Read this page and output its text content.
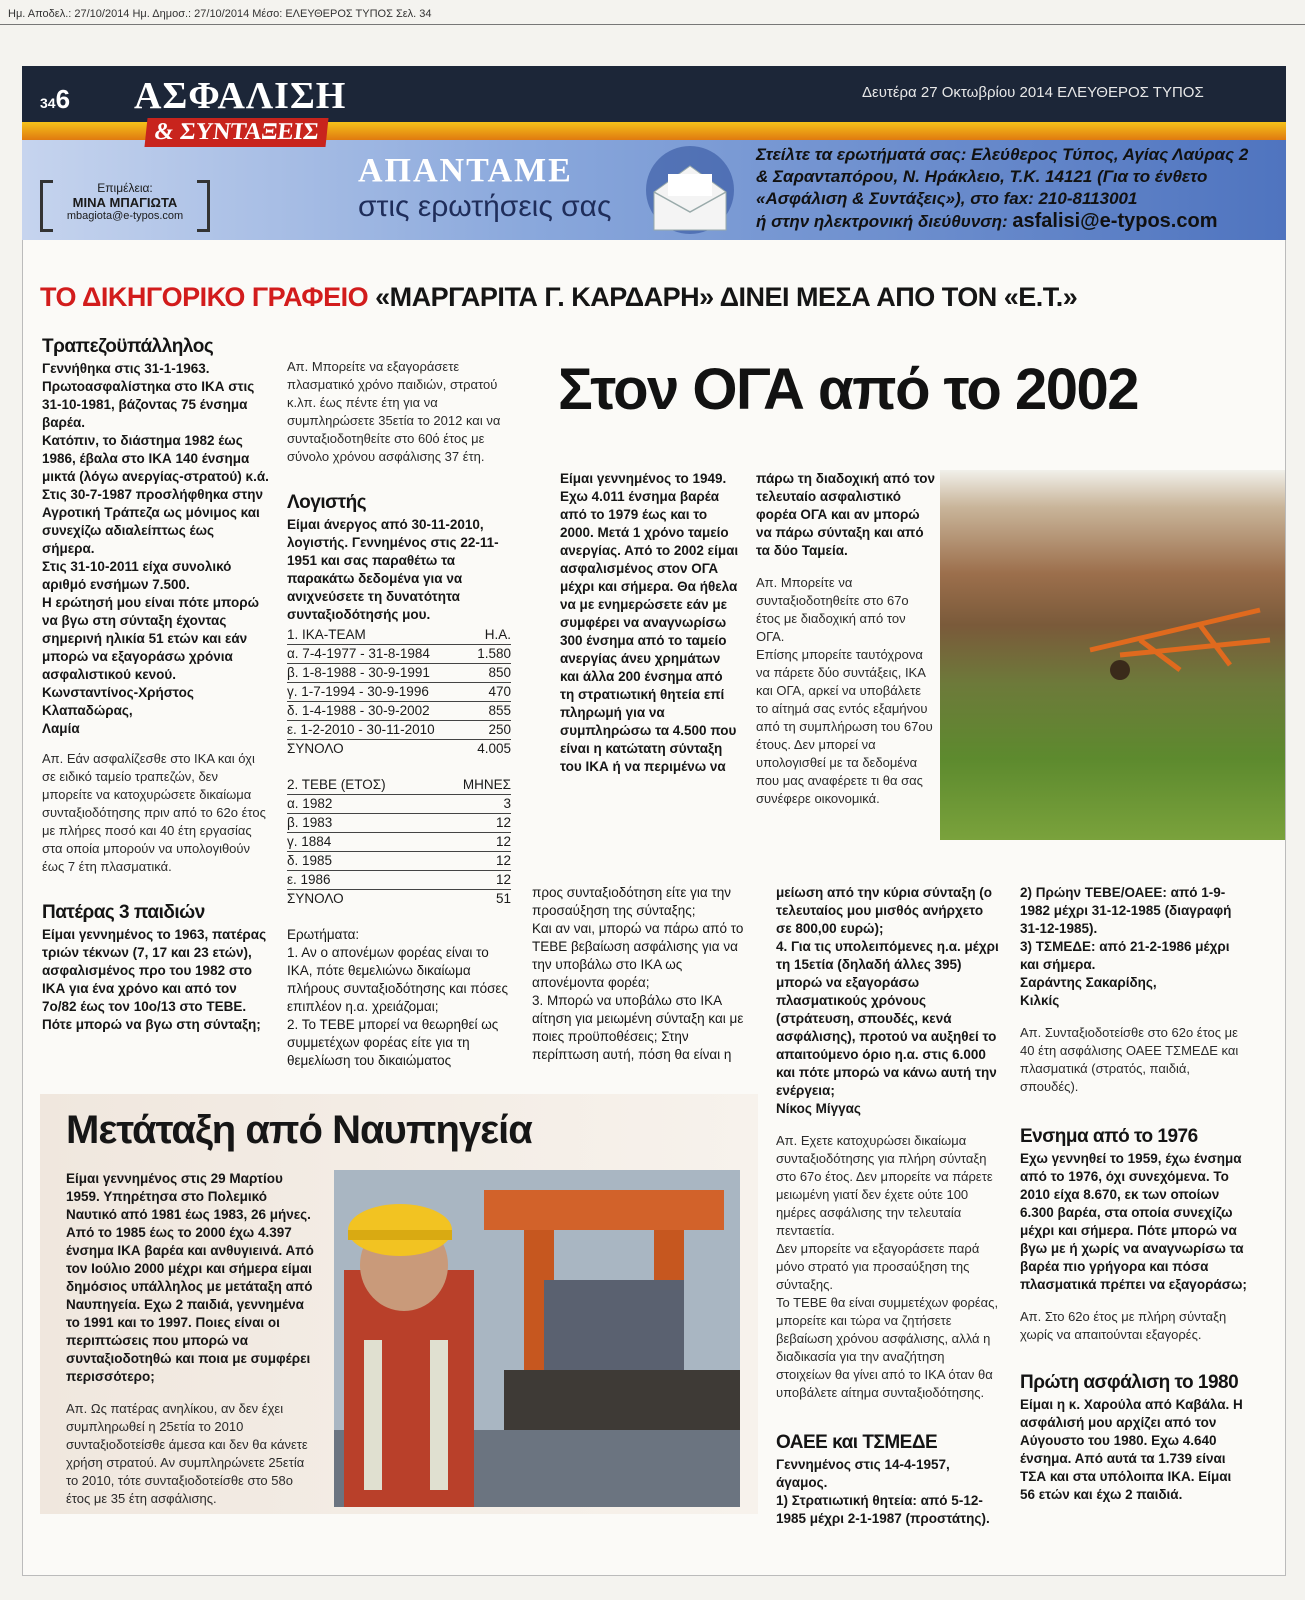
Ημ. Αποδελ.: 27/10/2014 Ημ. Δημοσ.: 27/10/2014 Μέσο: ΕΛΕΥΘΕΡΟΣ ΤΥΠΟΣ Σελ. 34
346 ΑΣΦΑΛΙΣΗ
& ΣΥΝΤΑΞΕΙΣ
Δευτέρα 27 Οκτωβρίου 2014 ΕΛΕΥΘΕΡΟΣ ΤΥΠΟΣ
Επιμέλεια:
ΜΙΝΑ ΜΠΑΓΙΩΤΑ
mbagiota@e-typos.com
ΑΠΑΝΤΑΜΕ
στις ερωτήσεις σας
Στείλτε τα ερωτήματά σας: Ελεύθερος Τύπος, Αγίας Λαύρας 2
& Σαραντaπόρου, Ν. Ηράκλειο, Τ.Κ. 14121 (Για το ένθετο
«Ασφάλιση & Συντάξεις»), στο fax: 210-8113001
ή στην ηλεκτρονική διεύθυνση: asfalisi@e-typos.com
ΤΟ ΔΙΚΗΓΟΡΙΚΟ ΓΡΑΦΕΙΟ «ΜΑΡΓΑΡΙΤΑ Γ. ΚΑΡΔΑΡΗ» ΔΙΝΕΙ ΜΕΣΑ ΑΠΟ ΤΟΝ «Ε.Τ.»
Τραπεζοϋπάλληλος
Γεννήθηκα στις 31-1-1963. Πρωτοασφαλίστηκα στο ΙΚΑ στις 31-10-1981, βάζοντας 75 ένσημα βαρέα.
Κατόπιν, το διάστημα 1982 έως 1986, έβαλα στο ΙΚΑ 140 ένσημα μικτά (λόγω ανεργίας-στρατού) κ.ά.
Στις 30-7-1987 προσλήφθηκα στην Αγροτική Τράπεζα ως μόνιμος και συνεχίζω αδιαλείπτως έως σήμερα.
Στις 31-10-2011 είχα συνολικό αριθμό ενσήμων 7.500.
Η ερώτησή μου είναι πότε μπορώ να βγω στη σύνταξη έχοντας σημερινή ηλικία 51 ετών και εάν μπορώ να εξαγοράσω χρόνια ασφαλιστικού κενού.
Κωνσταντίνος-Χρήστος Κλαπαδώρας,
Λαμία
Απ. Εάν ασφαλίζεσθε στο ΙΚΑ και όχι σε ειδικό ταμείο τραπεζών, δεν μπορείτε να κατοχυρώσετε δικαίωμα συνταξιοδότησης πριν από το 62ο έτος με πλήρες ποσό και 40 έτη εργασίας στα οποία μπορούν να υπολογιθούν έως 7 έτη πλασματικά.
Πατέρας 3 παιδιών
Είμαι γεννημένος το 1963, πατέρας τριών τέκνων (7, 17 και 23 ετών), ασφαλισμένος προ του 1982 στο ΙΚΑ για ένα χρόνο και από τον 7ο/82 έως τον 10ο/13 στο ΤΕΒΕ. Πότε μπορώ να βγω στη σύνταξη;
Απ. Μπορείτε να εξαγοράσετε πλασματικό χρόνο παιδιών, στρατού κ.λπ. έως πέντε έτη για να συμπληρώσετε 35ετία το 2012 και να συνταξιοδοτηθείτε στο 60ό έτος με σύνολο χρόνου ασφάλισης 37 έτη.
Λογιστής
Είμαι άνεργος από 30-11-2010, λογιστής. Γεννημένος στις 22-11-1951 και σας παραθέτω τα παρακάτω δεδομένα για να ανιχνεύσετε τη δυνατότητα συνταξιοδότησής μου.
1. ΙΚΑ-TEAM	Η.Α.
α. 7-4-1977 - 31-8-1984	1.580
β. 1-8-1988 - 30-9-1991	850
γ. 1-7-1994 - 30-9-1996	470
δ. 1-4-1988 - 30-9-2002	855
ε. 1-2-2010 - 30-11-2010	250
ΣΥΝΟΛΟ	4.005
2. ΤΕΒΕ (ΕΤΟΣ)	ΜΗΝΕΣ
α. 1982	3
β. 1983	12
γ. 1884	12
δ. 1985	12
ε. 1986	12
ΣΥΝΟΛΟ	51
Ερωτήματα:
1. Αν ο απονέμων φορέας είναι το ΙΚΑ, πότε θεμελιώνω δικαίωμα πλήρους συνταξιοδότησης και πόσες επιπλέον η.α. χρειάζομαι;
2. Το ΤΕΒΕ μπορεί να θεωρηθεί ως συμμετέχων φορέας είτε για τη θεμελίωση του δικαιώματος
Στον ΟΓΑ από το 2002
Είμαι γεννημένος το 1949. Εχω 4.011 ένσημα βαρέα από το 1979 έως και το 2000. Μετά 1 χρόνο ταμείο ανεργίας. Από το 2002 είμαι ασφαλισμένος στον ΟΓΑ μέχρι και σήμερα. Θα ήθελα να με ενημερώσετε εάν με συμφέρει να αναγνωρίσω 300 ένσημα από το ταμείο ανεργίας άνευ χρημάτων και άλλα 200 ένσημα από τη στρατιωτική θητεία επί πληρωμή για να συμπληρώσω τα 4.500 που είναι η κατώτατη σύνταξη του ΙΚΑ ή να περιμένω να
πάρω τη διαδοχική από τον τελευταίο ασφαλιστικό φορέα ΟΓΑ και αν μπορώ να πάρω σύνταξη και από τα δύο Ταμεία.
Απ. Μπορείτε να συνταξιοδοτηθείτε στο 67ο έτος με διαδοχική από τον ΟΓΑ.
Επίσης μπορείτε ταυτόχρονα να πάρετε δύο συντάξεις, ΙΚΑ και ΟΓΑ, αρκεί να υποβάλετε το αίτημά σας εντός εξαμήνου από τη συμπλήρωση του 67ου έτους. Δεν μπορεί να υπολογισθεί με τα δεδομένα που μας αναφέρετε τι θα σας συνέφερε οικονομικά.
προς συνταξιοδότηση είτε για την προσαύξηση της σύνταξης;
Και αν ναι, μπορώ να πάρω από το ΤΕΒΕ βεβαίωση ασφάλισης για να την υποβάλω στο ΙΚΑ ως απονέμοντα φορέα;
3. Μπορώ να υποβάλω στο ΙΚΑ αίτηση για μειωμένη σύνταξη και με ποιες προϋποθέσεις; Στην περίπτωση αυτή, πόση θα είναι η
μείωση από την κύρια σύνταξη (ο τελευταίος μου μισθός ανήρχετο σε 800,00 ευρώ);
4. Για τις υπολειπόμενες η.α. μέχρι τη 15ετία (δηλαδή άλλες 395) μπορώ να εξαγοράσω πλασματικούς χρόνους (στράτευση, σπουδές, κενά ασφάλισης), προτού να αυξηθεί το απαιτούμενο όριο η.α. στις 6.000 και πότε μπορώ να κάνω αυτή την ενέργεια;
Νίκος Μίγγας
Απ. Εχετε κατοχυρώσει δικαίωμα συνταξιοδότησης για πλήρη σύνταξη στο 67ο έτος. Δεν μπορείτε να πάρετε μειωμένη γιατί δεν έχετε ούτε 100 ημέρες ασφάλισης την τελευταία πενταετία.
Δεν μπορείτε να εξαγοράσετε παρά μόνο στρατό για προσαύξηση της σύνταξης.
Το ΤΕΒΕ θα είναι συμμετέχων φορέας, μπορείτε και τώρα να ζητήσετε βεβαίωση χρόνου ασφάλισης, αλλά η διαδικασία για την αναζήτηση στοιχείων θα γίνει από το ΙΚΑ όταν θα υποβάλετε αίτημα συνταξιοδότησης.
ΟΑΕΕ και ΤΣΜΕΔΕ
Γεννημένος στις 14-4-1957, άγαμος.
1) Στρατιωτική θητεία: από 5-12-1985 μέχρι 2-1-1987 (προστάτης).
2) Πρώην ΤΕΒΕ/ΟΑΕΕ: από 1-9-1982 μέχρι 31-12-1985 (διαγραφή 31-12-1985).
3) ΤΣΜΕΔΕ: από 21-2-1986 μέχρι και σήμερα.
Σαράντης Σακαρίδης,
Κιλκίς
Απ. Συνταξιοδοτείσθε στο 62ο έτος με 40 έτη ασφάλισης ΟΑΕΕ ΤΣΜΕΔΕ και πλασματικά (στρατός, παιδιά, σπουδές).
Ενσημα από το 1976
Εχω γεννηθεί το 1959, έχω ένσημα από το 1976, όχι συνεχόμενα. Το 2010 είχα 8.670, εκ των οποίων 6.300 βαρέα, στα οποία συνεχίζω μέχρι και σήμερα. Πότε μπορώ να βγω με ή χωρίς να αναγνωρίσω τα βαρέα πιο γρήγορα και πόσα πλασματικά πρέπει να εξαγοράσω;
Απ. Στο 62ο έτος με πλήρη σύνταξη χωρίς να απαιτούνται εξαγορές.
Πρώτη ασφάλιση το 1980
Είμαι η κ. Χαρούλα από Καβάλα. Η ασφάλισή μου αρχίζει από τον Αύγουστο του 1980. Εχω 4.640 ένσημα. Από αυτά τα 1.739 είναι ΤΣΑ και στα υπόλοιπα ΙΚΑ. Είμαι 56 ετών και έχω 2 παιδιά.
Μετάταξη από Ναυπηγεία
Είμαι γεννημένος στις 29 Μαρτίου 1959. Υπηρέτησα στο Πολεμικό Ναυτικό από 1981 έως 1983, 26 μήνες. Από το 1985 έως το 2000 έχω 4.397 ένσημα ΙΚΑ βαρέα και ανθυγιεινά. Από τον Ιούλιο 2000 μέχρι και σήμερα είμαι δημόσιος υπάλληλος με μετάταξη από Ναυπηγεία. Εχω 2 παιδιά, γεννημένα το 1991 και το 1997. Ποιες είναι οι περιπτώσεις που μπορώ να συνταξιοδοτηθώ και ποια με συμφέρει περισσότερο;
Απ. Ως πατέρας ανηλίκου, αν δεν έχει συμπληρωθεί η 25ετία το 2010 συνταξιοδοτείσθε άμεσα και δεν θα κάνετε χρήση στρατού. Αν συμπληρώνετε 25ετία το 2010, τότε συνταξιοδοτείσθε στο 58ο έτος με 35 έτη ασφάλισης.
